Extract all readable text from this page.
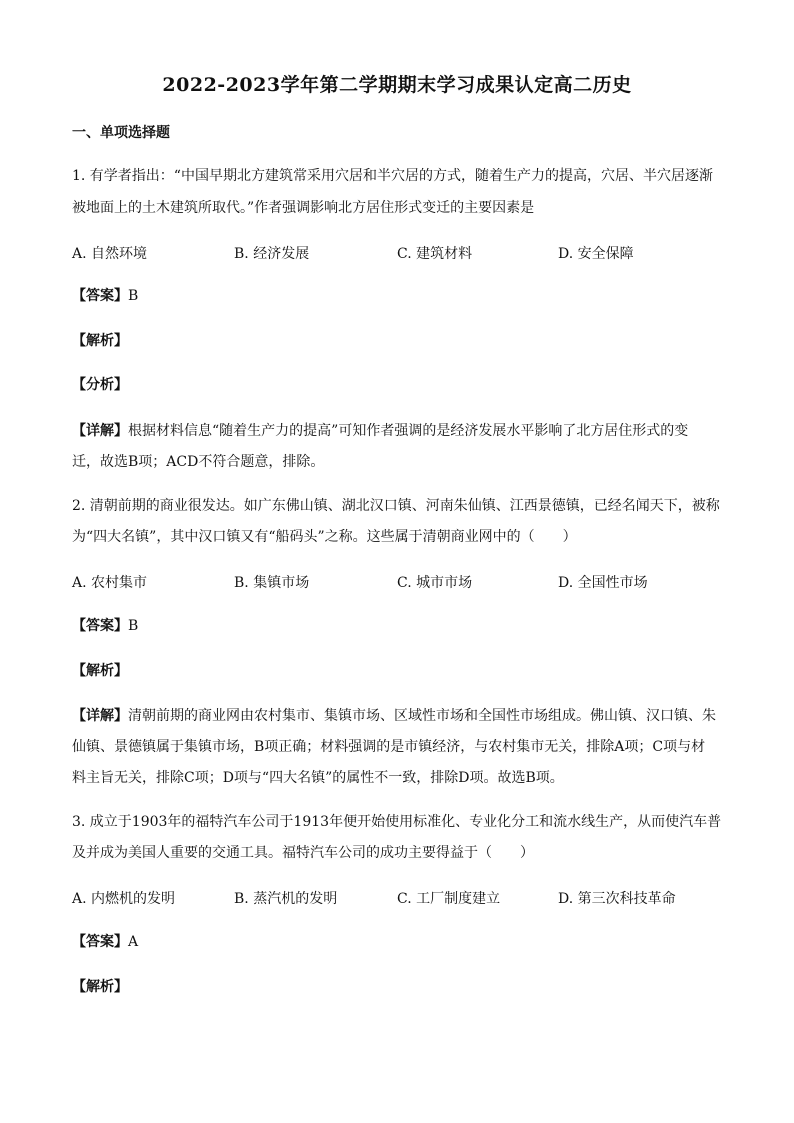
2022-2023学年第二学期期末学习成果认定高二历史
一、单项选择题
1. 有学者指出：“中国早期北方建筑常采用穴居和半穴居的方式，随着生产力的提高，穴居、半穴居逐渐
被地面上的土木建筑所取代。”作者强调影响北方居住形式变迁的主要因素是
A. 自然环境	B. 经济发展	C. 建筑材料	D. 安全保障
【答案】B
【解析】
【分析】
【详解】根据材料信息“随着生产力的提高”可知作者强调的是经济发展水平影响了北方居住形式的变
迁，故选B项；ACD不符合题意，排除。
2. 清朝前期的商业很发达。如广东佛山镇、湖北汉口镇、河南朱仙镇、江西景德镇，已经名闻天下，被称
为“四大名镇”，其中汉口镇又有“船码头”之称。这些属于清朝商业网中的（　　）
A. 农村集市	B. 集镇市场	C. 城市市场	D. 全国性市场
【答案】B
【解析】
【详解】清朝前期的商业网由农村集市、集镇市场、区域性市场和全国性市场组成。佛山镇、汉口镇、朱
仙镇、景德镇属于集镇市场，B项正确；材料强调的是市镇经济，与农村集市无关，排除A项；C项与材
料主旨无关，排除C项；D项与“四大名镇”的属性不一致，排除D项。故选B项。
3. 成立于1903年的福特汽车公司于1913年便开始使用标准化、专业化分工和流水线生产，从而使汽车普
及并成为美国人重要的交通工具。福特汽车公司的成功主要得益于（　　）
A. 内燃机的发明	B. 蒸汽机的发明	C. 工厂制度建立	D. 第三次科技革命
【答案】A
【解析】
